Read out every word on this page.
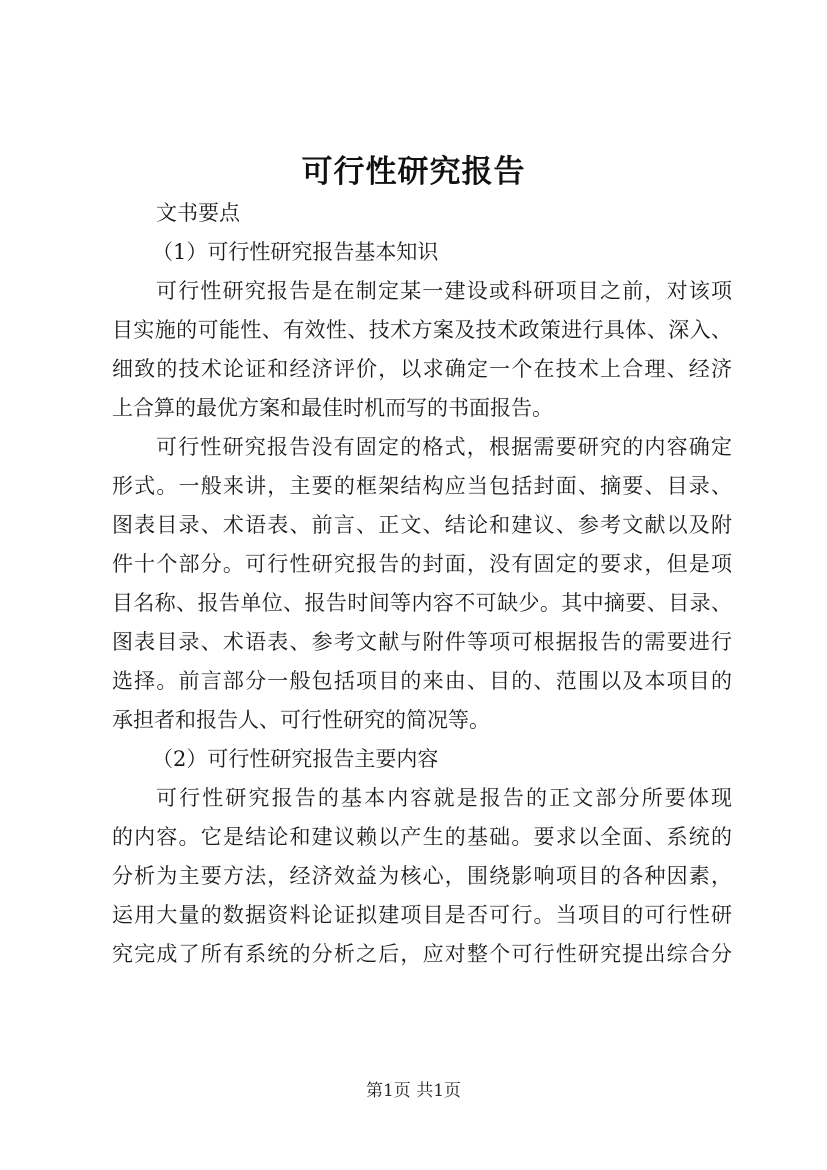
可行性研究报告
文书要点
（1）可行性研究报告基本知识
可行性研究报告是在制定某一建设或科研项目之前，对该项
目实施的可能性、有效性、技术方案及技术政策进行具体、深入、
细致的技术论证和经济评价，以求确定一个在技术上合理、经济
上合算的最优方案和最佳时机而写的书面报告。
可行性研究报告没有固定的格式，根据需要研究的内容确定
形式。一般来讲，主要的框架结构应当包括封面、摘要、目录、
图表目录、术语表、前言、正文、结论和建议、参考文献以及附
件十个部分。可行性研究报告的封面，没有固定的要求，但是项
目名称、报告单位、报告时间等内容不可缺少。其中摘要、目录、
图表目录、术语表、参考文献与附件等项可根据报告的需要进行
选择。前言部分一般包括项目的来由、目的、范围以及本项目的
承担者和报告人、可行性研究的简况等。
（2）可行性研究报告主要内容
可行性研究报告的基本内容就是报告的正文部分所要体现
的内容。它是结论和建议赖以产生的基础。要求以全面、系统的
分析为主要方法，经济效益为核心，围绕影响项目的各种因素，
运用大量的数据资料论证拟建项目是否可行。当项目的可行性研
究完成了所有系统的分析之后，应对整个可行性研究提出综合分
第1页 共1页
